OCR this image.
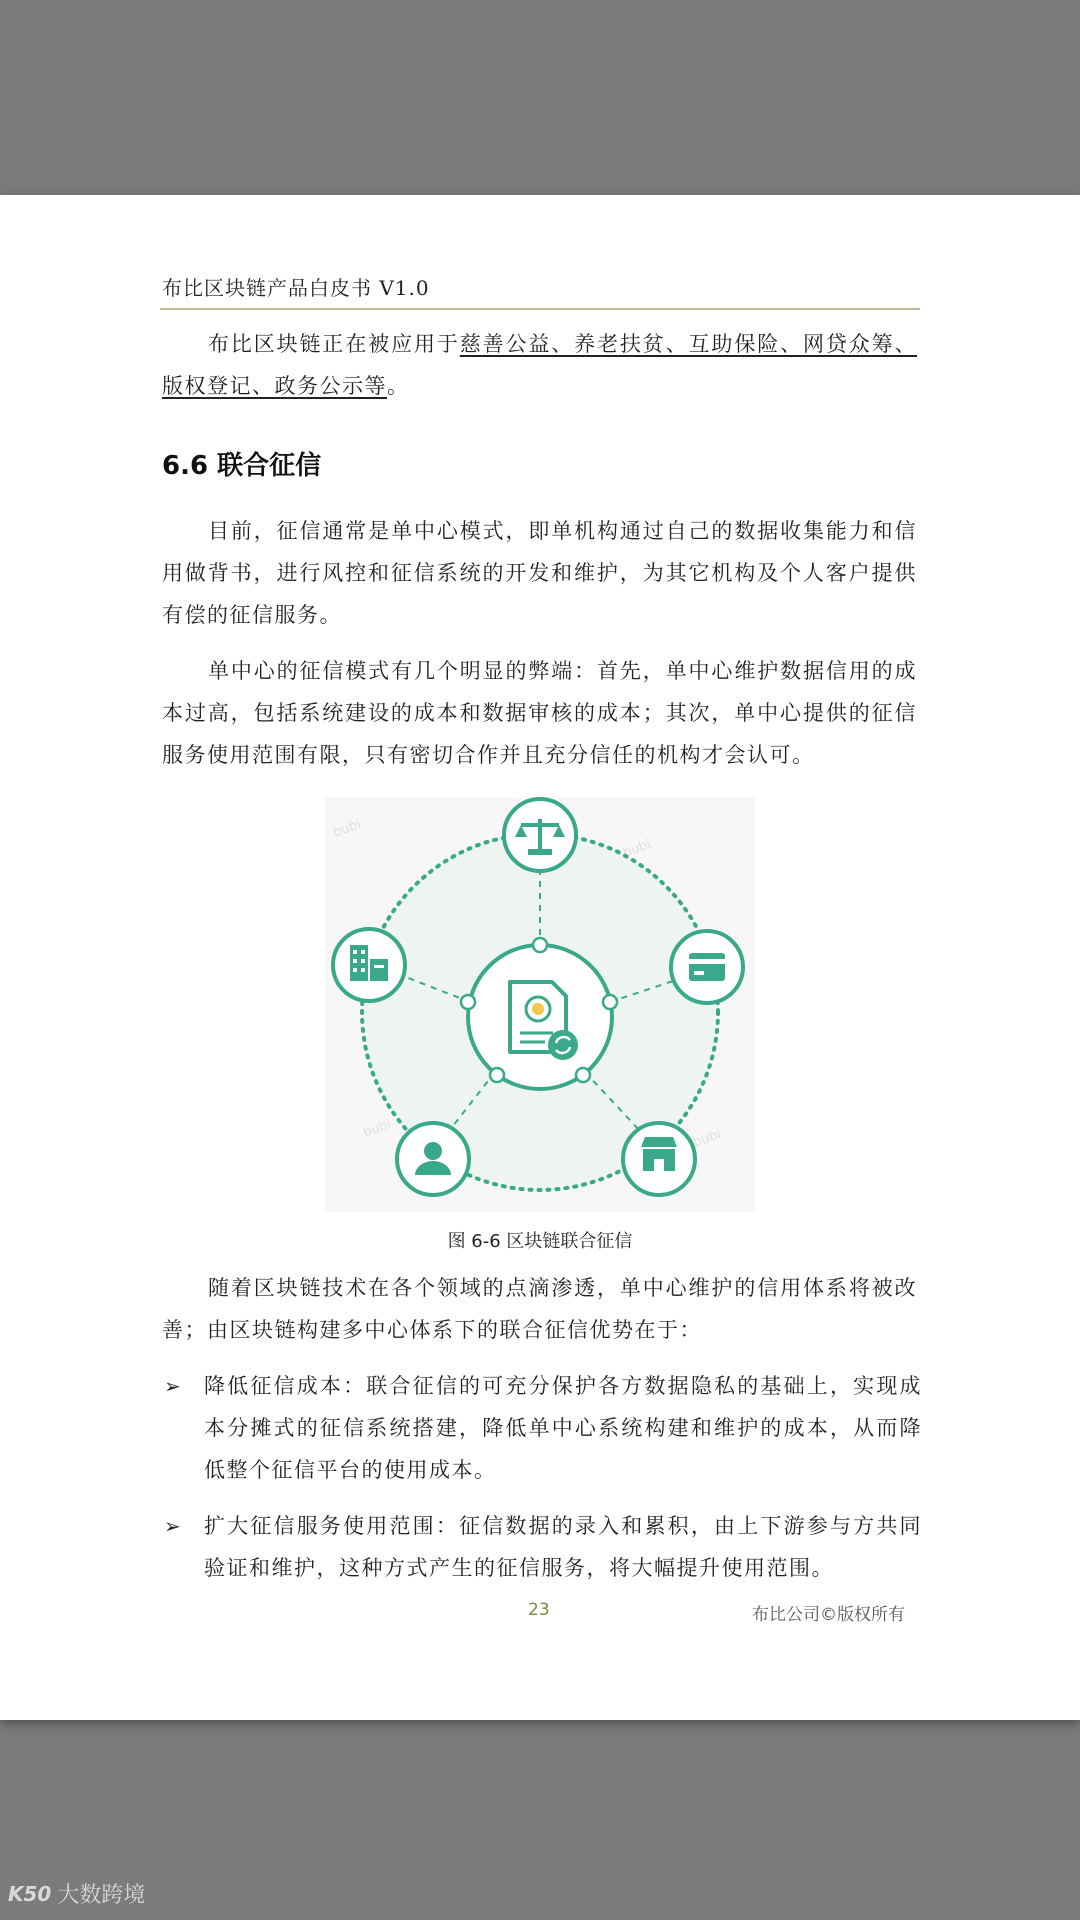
布比区块链产品白皮书 V1.0
布比区块链正在被应用于慈善公益、养老扶贫、互助保险、网贷众筹、版权登记、政务公示等。
6.6 联合征信
目前，征信通常是单中心模式，即单机构通过自己的数据收集能力和信用做背书，进行风控和征信系统的开发和维护，为其它机构及个人客户提供有偿的征信服务。
单中心的征信模式有几个明显的弊端：首先，单中心维护数据信用的成本过高，包括系统建设的成本和数据审核的成本；其次，单中心提供的征信服务使用范围有限，只有密切合作并且充分信任的机构才会认可。
bubi
bubi
bubi	bubi
图 6-6 区块链联合征信
随着区块链技术在各个领域的点滴渗透，单中心维护的信用体系将被改善；由区块链构建多中心体系下的联合征信优势在于：
➢ 降低征信成本：联合征信的可充分保护各方数据隐私的基础上，实现成本分摊式的征信系统搭建，降低单中心系统构建和维护的成本，从而降低整个征信平台的使用成本。
➢ 扩大征信服务使用范围：征信数据的录入和累积，由上下游参与方共同验证和维护，这种方式产生的征信服务，将大幅提升使用范围。
23	布比公司©版权所有
K50 大数跨境
